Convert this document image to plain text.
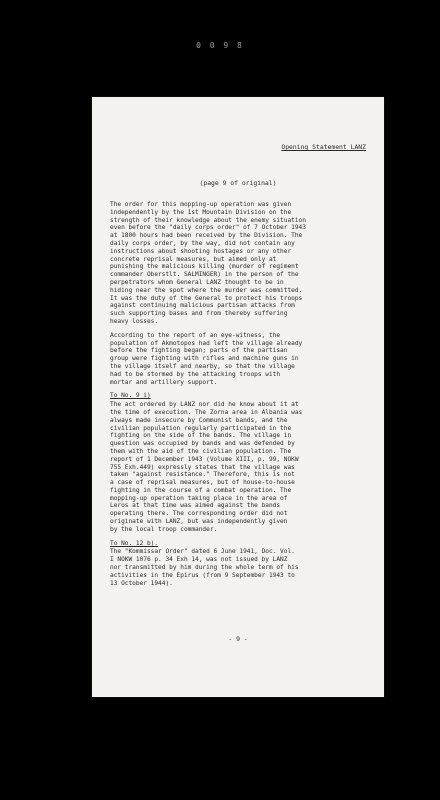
0 0 9 8
Opening Statement LANZ
(page 9 of original)

The order for this mopping-up operation was given
independently by the 1st Mountain Division on the
strength of their knowledge about the enemy situation
even before the "daily corps order" of 7 October 1943
at 1800 hours had been received by the Division. The
daily corps order, by the way, did not contain any
instructions about shooting hostages or any other
concrete reprisal measures, but aimed only at
punishing the malicious killing (murder of regiment
commander Oberstlt. SALMINGER) in the person of the
perpetrators whom General LANZ thought to be in
hiding near the spot where the murder was committed.
It was the duty of the General to protect his troops
against continuing malicious partisan attacks from
such supporting bases and from thereby suffering
heavy losses.

According to the report of an eye-witness, the
population of Akmotopos had left the village already
before the fighting began; parts of the partisan
group were fighting with rifles and machine guns in
the village itself and nearby, so that the village
had to be stormed by the attacking troops with
mortar and artillery support.

To No. 9 i)

The act ordered by LANZ nor did he know about it at
the time of execution. The Zorna area in Albania was
always made insecure by Communist bands, and the
civilian population regularly participated in the
fighting on the side of the bands. The village in
question was occupied by bands and was defended by
them with the aid of the civilian population. The
report of 1 December 1943 (Volume XIII, p. 99, NOKW
755 Exh.449) expressly states that the village was
taken "against resistance." Therefore, this is not
a case of reprisal measures, but of house-to-house
fighting in the course of a combat operation. The
mopping-up operation taking place in the area of
Leros at that time was aimed against the bands
operating there. The corresponding order did not
originate with LANZ, but was independently given
by the local troop commander.

To No. 12 b).

The "Kommissar Order" dated 6 June 1941, Doc. Vol.
I NOKW 1076 p. 34 Exh 14, was not issued by LANZ
nor transmitted by him during the whole term of his
activities in the Epirus (from 9 September 1943 to
13 October 1944).

- 9 -
